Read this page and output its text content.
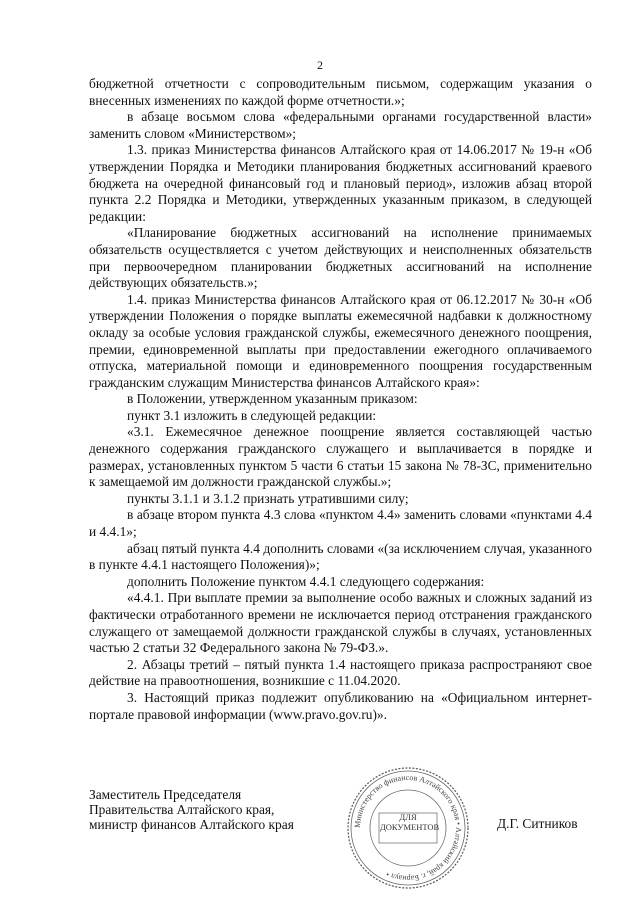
2

бюджетной отчетности с сопроводительным письмом, содержащим указания о внесенных изменениях по каждой форме отчетности.»;

в абзаце восьмом слова «федеральными органами государственной власти» заменить словом «Министерством»;

1.3. приказ Министерства финансов Алтайского края от 14.06.2017 № 19-н «Об утверждении Порядка и Методики планирования бюджетных ассигнований краевого бюджета на очередной финансовый год и плановый период», изложив абзац второй пункта 2.2 Порядка и Методики, утвержденных указанным приказом, в следующей редакции:

«Планирование бюджетных ассигнований на исполнение принимаемых обязательств осуществляется с учетом действующих и неисполненных обязательств при первоочередном планировании бюджетных ассигнований на исполнение действующих обязательств.»;

1.4. приказ Министерства финансов Алтайского края от 06.12.2017 № 30-н «Об утверждении Положения о порядке выплаты ежемесячной надбавки к должностному окладу за особые условия гражданской службы, ежемесячного денежного поощрения, премии, единовременной выплаты при предоставлении ежегодного оплачиваемого отпуска, материальной помощи и единовременного поощрения государственным гражданским служащим Министерства финансов Алтайского края»:

в Положении, утвержденном указанным приказом:

пункт 3.1 изложить в следующей редакции:

«3.1. Ежемесячное денежное поощрение является составляющей частью денежного содержания гражданского служащего и выплачивается в порядке и размерах, установленных пунктом 5 части 6 статьи 15 закона № 78-ЗС, применительно к замещаемой им должности гражданской службы.»;

пункты 3.1.1 и 3.1.2 признать утратившими силу;

в абзаце втором пункта 4.3 слова «пунктом 4.4» заменить словами «пунктами 4.4 и 4.4.1»;

абзац пятый пункта 4.4 дополнить словами «(за исключением случая, указанного в пункте 4.4.1 настоящего Положения)»;

дополнить Положение пунктом 4.4.1 следующего содержания:

«4.4.1. При выплате премии за выполнение особо важных и сложных заданий из фактически отработанного времени не исключается период отстранения гражданского служащего от замещаемой должности гражданской службы в случаях, установленных частью 2 статьи 32 Федерального закона № 79-ФЗ.».

2. Абзацы третий – пятый пункта 1.4 настоящего приказа распространяют свое действие на правоотношения, возникшие с 11.04.2020.

3. Настоящий приказ подлежит опубликованию на «Официальном интернет-портале правовой информации (www.pravo.gov.ru)».

Заместитель Председателя
Правительства Алтайского края,
министр финансов Алтайского края	Министерство финансов Алтайского края • Алтайский край, г. Барнаул •
ДЛЯ
ДОКУМЕНТОВ	Д.Г. Ситников
